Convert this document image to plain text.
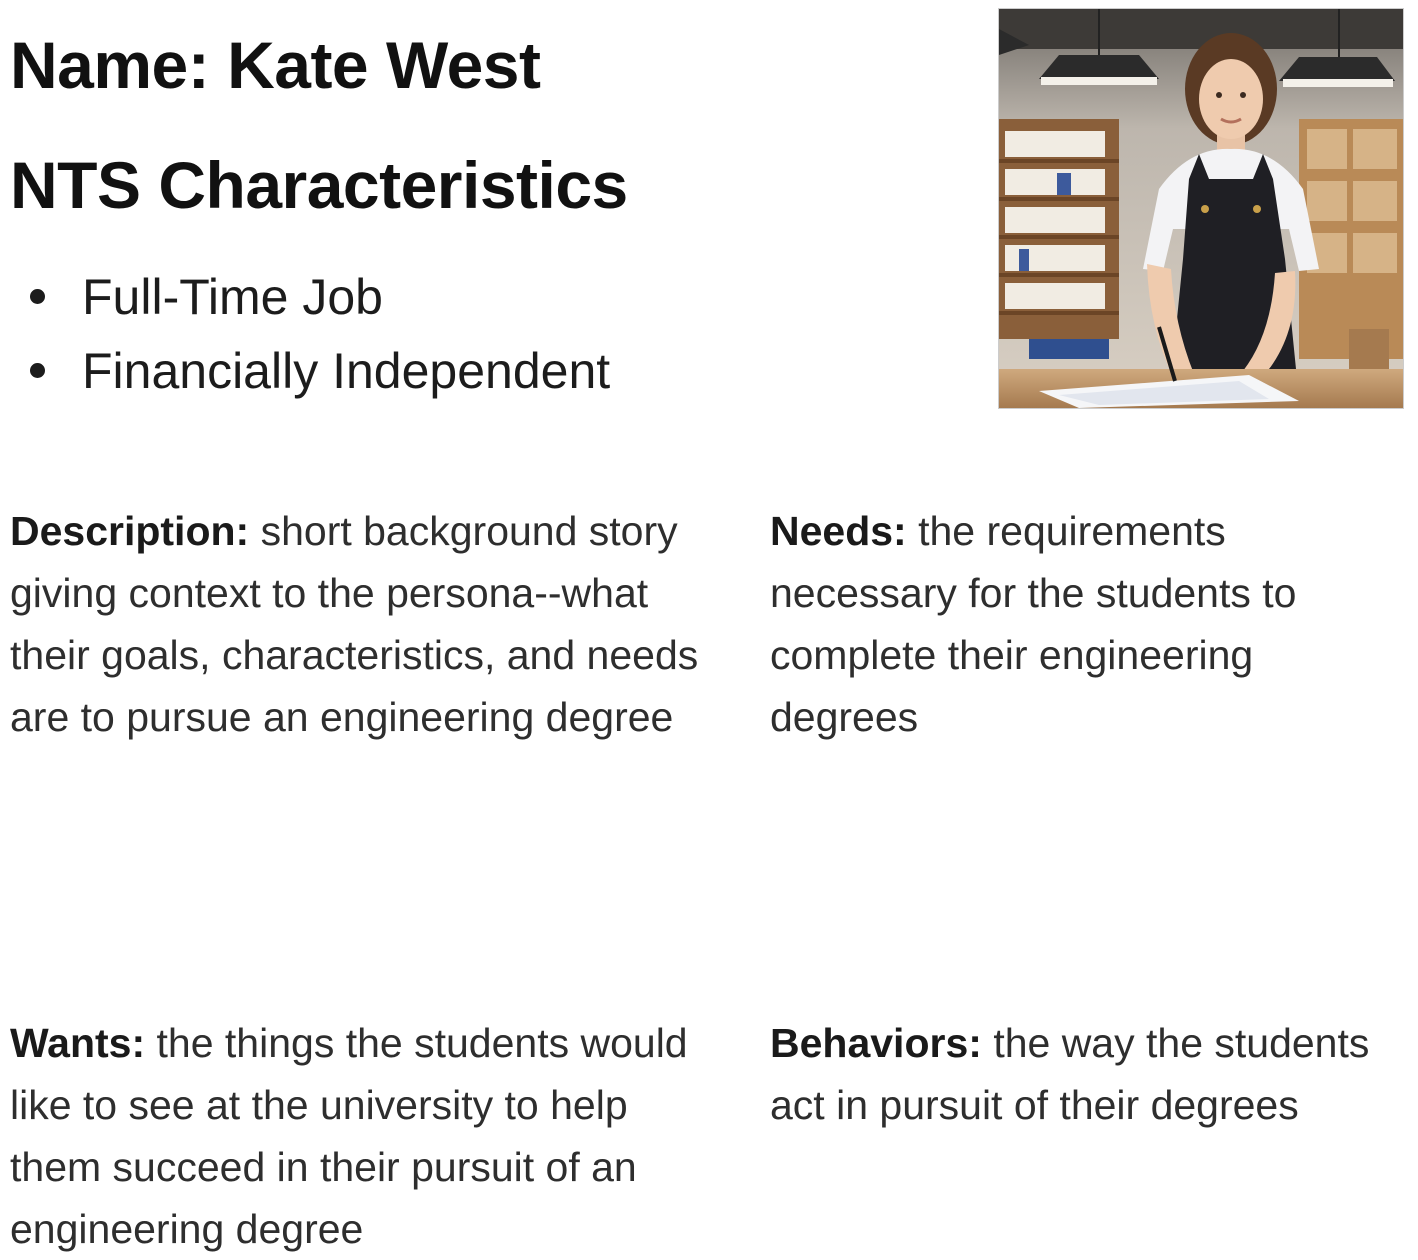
Name: Kate West
NTS Characteristics
Full-Time Job
Financially Independent

Description: short background story giving context to the persona--what their goals, characteristics, and needs are to pursue an engineering degree

Needs: the requirements necessary for the students to complete their engineering degrees

Wants: the things the students would like to see at the university to help them succeed in their pursuit of an engineering degree

Behaviors: the way the students act in pursuit of their degrees
